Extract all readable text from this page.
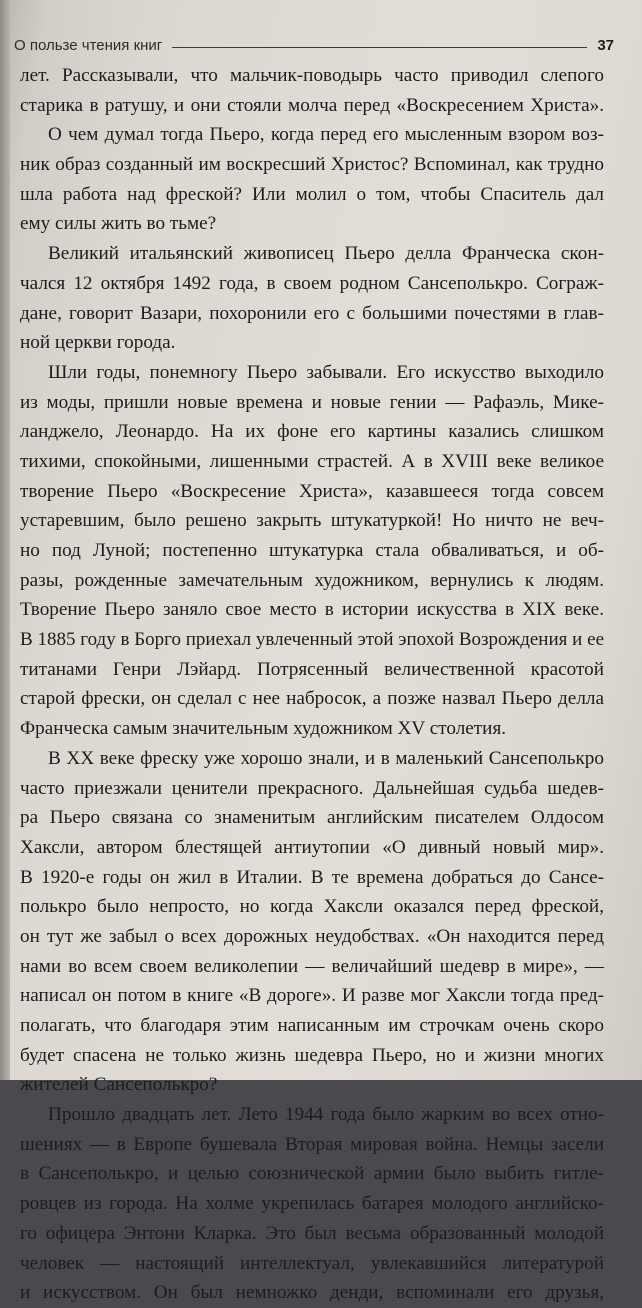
О пользе чтения книг	37
лет. Рассказывали, что мальчик-поводырь часто приводил слепого
старика в ратушу, и они стояли молча перед «Воскресением Христа».
О чем думал тогда Пьеро, когда перед его мысленным взором воз-
ник образ созданный им воскресший Христос? Вспоминал, как трудно
шла работа над фреской? Или молил о том, чтобы Спаситель дал
ему силы жить во тьме?
Великий итальянский живописец Пьеро делла Франческа скон-
чался 12 октября 1492 года, в своем родном Сансеполькро. Сограж-
дане, говорит Вазари, похоронили его с большими почестями в глав-
ной церкви города.
Шли годы, понемногу Пьеро забывали. Его искусство выходило
из моды, пришли новые времена и новые гении — Рафаэль, Мике-
ланджело, Леонардо. На их фоне его картины казались слишком
тихими, спокойными, лишенными страстей. А в XVIII веке великое
творение Пьеро «Воскресение Христа», казавшееся тогда совсем
устаревшим, было решено закрыть штукатуркой! Но ничто не веч-
но под Луной; постепенно штукатурка стала обваливаться, и об-
разы, рожденные замечательным художником, вернулись к людям.
Творение Пьеро заняло свое место в истории искусства в XIX веке.
В 1885 году в Борго приехал увлеченный этой эпохой Возрождения и ее
титанами Генри Лэйард. Потрясенный величественной красотой
старой фрески, он сделал с нее набросок, а позже назвал Пьеро делла
Франческа самым значительным художником XV столетия.
В XX веке фреску уже хорошо знали, и в маленький Сансеполькро
часто приезжали ценители прекрасного. Дальнейшая судьба шедев-
ра Пьеро связана со знаменитым английским писателем Олдосом
Хаксли, автором блестящей антиутопии «О дивный новый мир».
В 1920-е годы он жил в Италии. В те времена добраться до Сансе-
полькро было непросто, но когда Хаксли оказался перед фреской,
он тут же забыл о всех дорожных неудобствах. «Он находится перед
нами во всем своем великолепии — величайший шедевр в мире», —
написал он потом в книге «В дороге». И разве мог Хаксли тогда пред-
полагать, что благодаря этим написанным им строчкам очень скоро
будет спасена не только жизнь шедевра Пьеро, но и жизни многих
жителей Сансеполькро?
Прошло двадцать лет. Лето 1944 года было жарким во всех отно-
шениях — в Европе бушевала Вторая мировая война. Немцы засели
в Сансеполькро, и целью союзнической армии было выбить гитле-
ровцев из города. На холме укрепилась батарея молодого английско-
го офицера Энтони Кларка. Это был весьма образованный молодой
человек — настоящий интеллектуал, увлекавшийся литературой
и искусством. Он был немножко денди, вспоминали его друзья,
